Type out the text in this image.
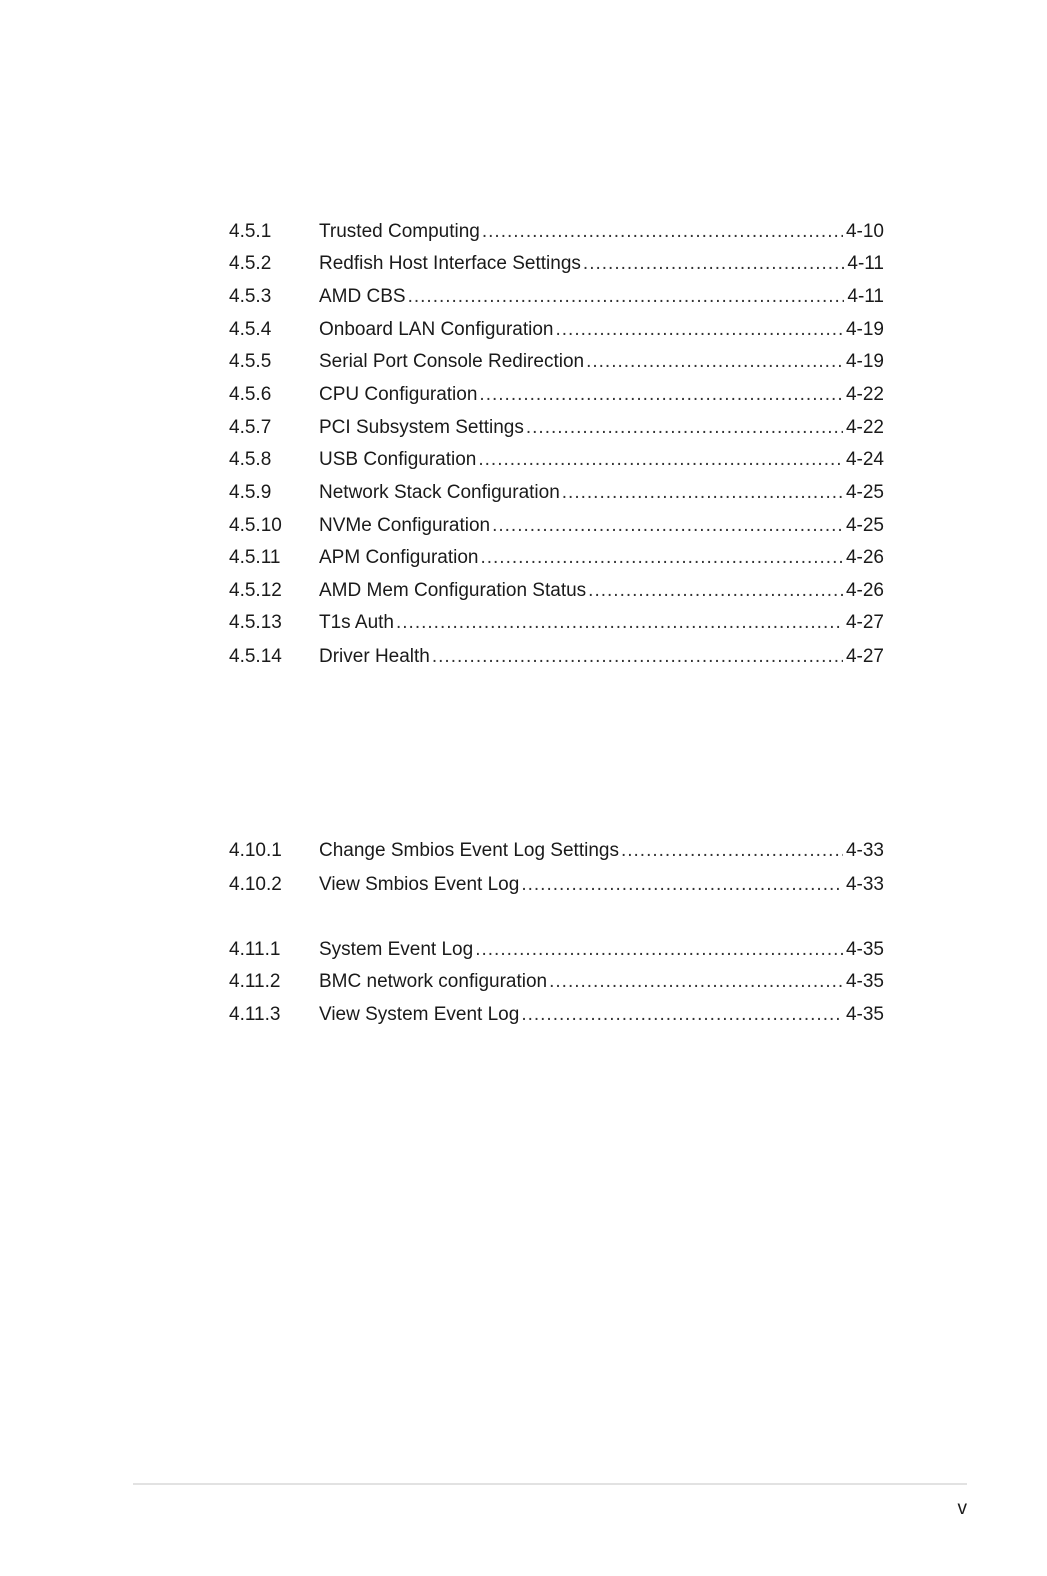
4.5.1	Trusted Computing .....	4-10
4.5.2	Redfish Host Interface Settings .....	4-11
4.5.3	AMD CBS .....	4-11
4.5.4	Onboard LAN Configuration .....	4-19
4.5.5	Serial Port Console Redirection .....	4-19
4.5.6	CPU Configuration .....	4-22
4.5.7	PCI Subsystem Settings .....	4-22
4.5.8	USB Configuration .....	4-24
4.5.9	Network Stack Configuration .....	4-25
4.5.10	NVMe Configuration .....	4-25
4.5.11	APM Configuration .....	4-26
4.5.12	AMD Mem Configuration Status .....	4-26
4.5.13	T1s Auth .....	4-27
4.5.14	Driver Health .....	4-27
4.10.1	Change Smbios Event Log Settings .....	4-33
4.10.2	View Smbios Event Log .....	4-33
4.11.1	System Event Log .....	4-35
4.11.2	BMC network configuration .....	4-35
4.11.3	View System Event Log .....	4-35
v
